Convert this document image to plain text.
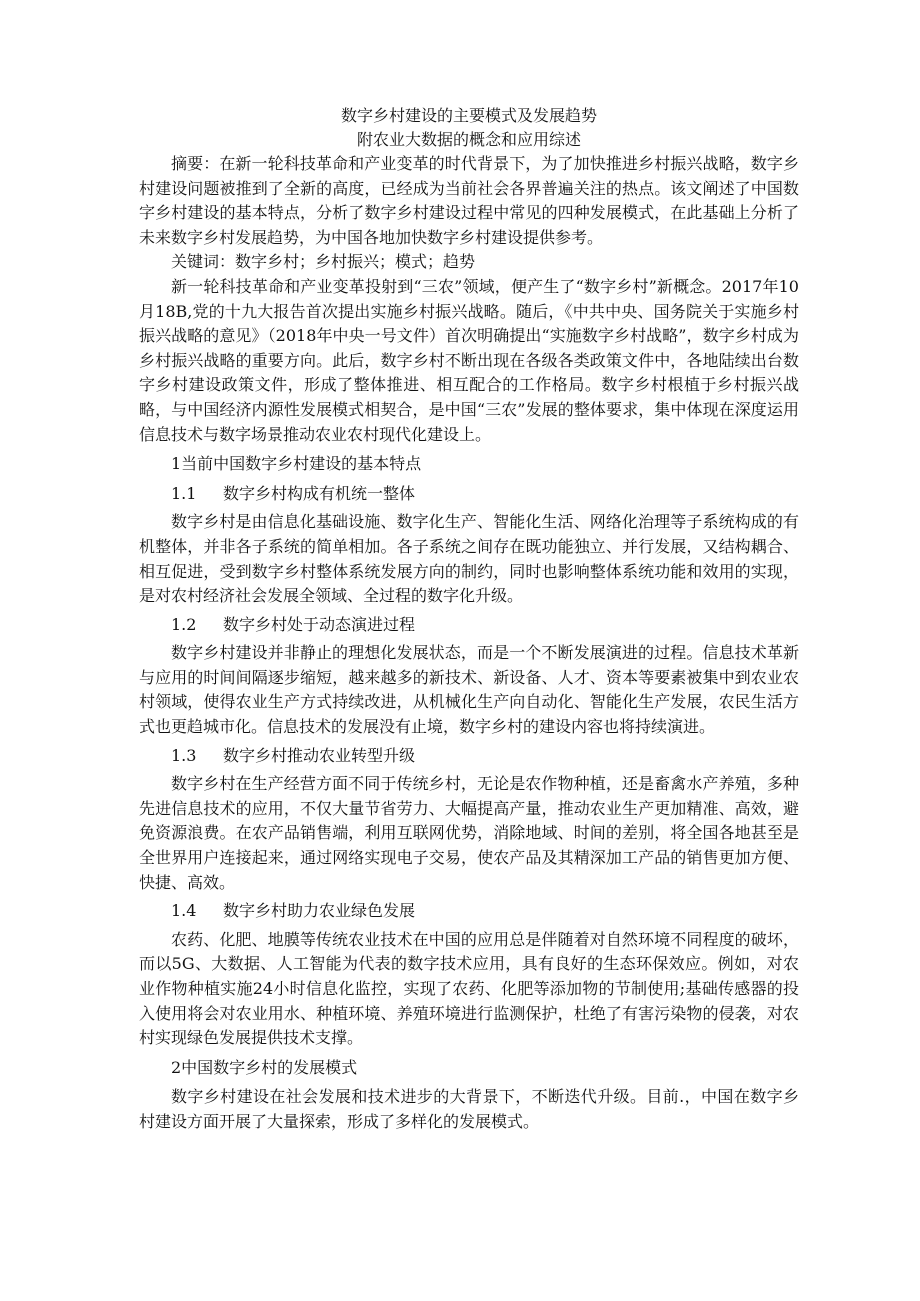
数字乡村建设的主要模式及发展趋势
附农业大数据的概念和应用综述

摘要：在新一轮科技革命和产业变革的时代背景下，为了加快推进乡村振兴战略，数字乡村建设问题被推到了全新的高度，已经成为当前社会各界普遍关注的热点。该文阐述了中国数字乡村建设的基本特点，分析了数字乡村建设过程中常见的四种发展模式，在此基础上分析了未来数字乡村发展趋势，为中国各地加快数字乡村建设提供参考。

关键词：数字乡村；乡村振兴；模式；趋势

新一轮科技革命和产业变革投射到“三农”领域，便产生了“数字乡村”新概念。2017年10月18B,党的十九大报告首次提出实施乡村振兴战略。随后，《中共中央、国务院关于实施乡村振兴战略的意见》（2018年中央一号文件）首次明确提出“实施数字乡村战略”，数字乡村成为乡村振兴战略的重要方向。此后，数字乡村不断出现在各级各类政策文件中，各地陆续出台数字乡村建设政策文件，形成了整体推进、相互配合的工作格局。数字乡村根植于乡村振兴战略，与中国经济内源性发展模式相契合，是中国“三农”发展的整体要求，集中体现在深度运用信息技术与数字场景推动农业农村现代化建设上。

1当前中国数字乡村建设的基本特点

1.1 数字乡村构成有机统一整体

数字乡村是由信息化基础设施、数字化生产、智能化生活、网络化治理等子系统构成的有机整体，并非各子系统的简单相加。各子系统之间存在既功能独立、并行发展，又结构耦合、相互促进，受到数字乡村整体系统发展方向的制约，同时也影响整体系统功能和效用的实现，是对农村经济社会发展全领域、全过程的数字化升级。

1.2 数字乡村处于动态演进过程

数字乡村建设并非静止的理想化发展状态，而是一个不断发展演进的过程。信息技术革新与应用的时间间隔逐步缩短，越来越多的新技术、新设备、人才、资本等要素被集中到农业农村领域，使得农业生产方式持续改进，从机械化生产向自动化、智能化生产发展，农民生活方式也更趋城市化。信息技术的发展没有止境，数字乡村的建设内容也将持续演进。

1.3 数字乡村推动农业转型升级

数字乡村在生产经营方面不同于传统乡村，无论是农作物种植，还是畜禽水产养殖，多种先进信息技术的应用，不仅大量节省劳力、大幅提高产量，推动农业生产更加精准、高效，避免资源浪费。在农产品销售端，利用互联网优势，消除地域、时间的差别，将全国各地甚至是全世界用户连接起来，通过网络实现电子交易，使农产品及其精深加工产品的销售更加方便、快捷、高效。

1.4 数字乡村助力农业绿色发展

农药、化肥、地膜等传统农业技术在中国的应用总是伴随着对自然环境不同程度的破坏，而以5G、大数据、人工智能为代表的数字技术应用，具有良好的生态环保效应。例如，对农业作物种植实施24小时信息化监控，实现了农药、化肥等添加物的节制使用;基础传感器的投入使用将会对农业用水、种植环境、养殖环境进行监测保护，杜绝了有害污染物的侵袭，对农村实现绿色发展提供技术支撑。

2中国数字乡村的发展模式

数字乡村建设在社会发展和技术进步的大背景下，不断迭代升级。目前.，中国在数字乡村建设方面开展了大量探索，形成了多样化的发展模式。
